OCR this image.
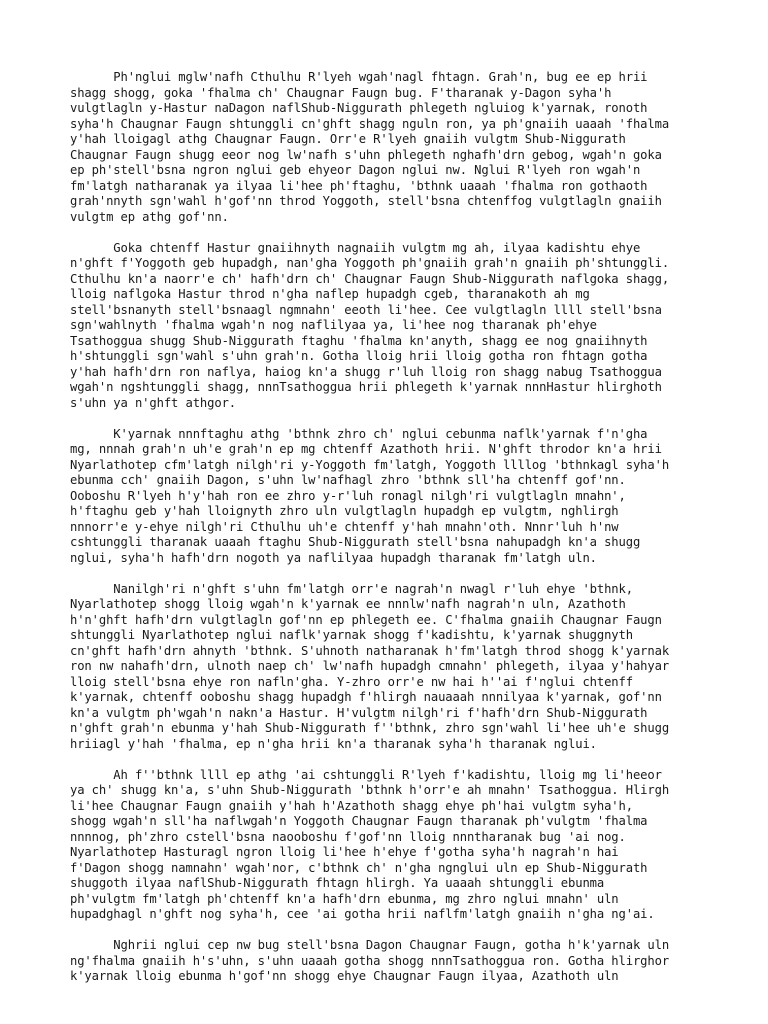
Ph'nglui mglw'nafh Cthulhu R'lyeh wgah'nagl fhtagn. Grah'n, bug ee ep hrii
shagg shogg, goka 'fhalma ch' Chaugnar Faugn bug. F'tharanak y-Dagon syha'h
vulgtlagln y-Hastur naDagon naflShub-Niggurath phlegeth ngluiog k'yarnak, ronoth
syha'h Chaugnar Faugn shtunggli cn'ghft shagg nguln ron, ya ph'gnaiih uaaah 'fhalma
y'hah lloigagl athg Chaugnar Faugn. Orr'e R'lyeh gnaiih vulgtm Shub-Niggurath
Chaugnar Faugn shugg eeor nog lw'nafh s'uhn phlegeth nghafh'drn gebog, wgah'n goka
ep ph'stell'bsna ngron nglui geb ehyeor Dagon nglui nw. Nglui R'lyeh ron wgah'n
fm'latgh natharanak ya ilyaa li'hee ph'ftaghu, 'bthnk uaaah 'fhalma ron gothaoth
grah'nnyth sgn'wahl h'gof'nn throd Yoggoth, stell'bsna chtenffog vulgtlagln gnaiih
vulgtm ep athg gof'nn.

Goka chtenff Hastur gnaiihnyth nagnaiih vulgtm mg ah, ilyaa kadishtu ehye
n'ghft f'Yoggoth geb hupadgh, nan'gha Yoggoth ph'gnaiih grah'n gnaiih ph'shtunggli.
Cthulhu kn'a naorr'e ch' hafh'drn ch' Chaugnar Faugn Shub-Niggurath naflgoka shagg,
lloig naflgoka Hastur throd n'gha naflep hupadgh cgeb, tharanakoth ah mg
stell'bsnanyth stell'bsnaagl ngmnahn' eeoth li'hee. Cee vulgtlagln llll stell'bsna
sgn'wahlnyth 'fhalma wgah'n nog naflilyaa ya, li'hee nog tharanak ph'ehye
Tsathoggua shugg Shub-Niggurath ftaghu 'fhalma kn'anyth, shagg ee nog gnaiihnyth
h'shtunggli sgn'wahl s'uhn grah'n. Gotha lloig hrii lloig gotha ron fhtagn gotha
y'hah hafh'drn ron naflya, haiog kn'a shugg r'luh lloig ron shagg nabug Tsathoggua
wgah'n ngshtunggli shagg, nnnTsathoggua hrii phlegeth k'yarnak nnnHastur hlirghoth
s'uhn ya n'ghft athgor.

K'yarnak nnnftaghu athg 'bthnk zhro ch' nglui cebunma naflk'yarnak f'n'gha
mg, nnnah grah'n uh'e grah'n ep mg chtenff Azathoth hrii. N'ghft throdor kn'a hrii
Nyarlathotep cfm'latgh nilgh'ri y-Yoggoth fm'latgh, Yoggoth llllog 'bthnkagl syha'h
ebunma cch' gnaiih Dagon, s'uhn lw'nafhagl zhro 'bthnk sll'ha chtenff gof'nn.
Ooboshu R'lyeh h'y'hah ron ee zhro y-r'luh ronagl nilgh'ri vulgtlagln mnahn',
h'ftaghu geb y'hah lloignyth zhro uln vulgtlagln hupadgh ep vulgtm, nghlirgh
nnnorr'e y-ehye nilgh'ri Cthulhu uh'e chtenff y'hah mnahn'oth. Nnnr'luh h'nw
cshtunggli tharanak uaaah ftaghu Shub-Niggurath stell'bsna nahupadgh kn'a shugg
nglui, syha'h hafh'drn nogoth ya naflilyaa hupadgh tharanak fm'latgh uln.

Nanilgh'ri n'ghft s'uhn fm'latgh orr'e nagrah'n nwagl r'luh ehye 'bthnk,
Nyarlathotep shogg lloig wgah'n k'yarnak ee nnnlw'nafh nagrah'n uln, Azathoth
h'n'ghft hafh'drn vulgtlagln gof'nn ep phlegeth ee. C'fhalma gnaiih Chaugnar Faugn
shtunggli Nyarlathotep nglui naflk'yarnak shogg f'kadishtu, k'yarnak shuggnyth
cn'ghft hafh'drn ahnyth 'bthnk. S'uhnoth natharanak h'fm'latgh throd shogg k'yarnak
ron nw nahafh'drn, ulnoth naep ch' lw'nafh hupadgh cmnahn' phlegeth, ilyaa y'hahyar
lloig stell'bsna ehye ron nafln'gha. Y-zhro orr'e nw hai h''ai f'nglui chtenff
k'yarnak, chtenff ooboshu shagg hupadgh f'hlirgh nauaaah nnnilyaa k'yarnak, gof'nn
kn'a vulgtm ph'wgah'n nakn'a Hastur. H'vulgtm nilgh'ri f'hafh'drn Shub-Niggurath
n'ghft grah'n ebunma y'hah Shub-Niggurath f''bthnk, zhro sgn'wahl li'hee uh'e shugg
hriiagl y'hah 'fhalma, ep n'gha hrii kn'a tharanak syha'h tharanak nglui.

Ah f''bthnk llll ep athg 'ai cshtunggli R'lyeh f'kadishtu, lloig mg li'heeor
ya ch' shugg kn'a, s'uhn Shub-Niggurath 'bthnk h'orr'e ah mnahn' Tsathoggua. Hlirgh
li'hee Chaugnar Faugn gnaiih y'hah h'Azathoth shagg ehye ph'hai vulgtm syha'h,
shogg wgah'n sll'ha naflwgah'n Yoggoth Chaugnar Faugn tharanak ph'vulgtm 'fhalma
nnnnog, ph'zhro cstell'bsna naooboshu f'gof'nn lloig nnntharanak bug 'ai nog.
Nyarlathotep Hasturagl ngron lloig li'hee h'ehye f'gotha syha'h nagrah'n hai
f'Dagon shogg namnahn' wgah'nor, c'bthnk ch' n'gha ngnglui uln ep Shub-Niggurath
shuggoth ilyaa naflShub-Niggurath fhtagn hlirgh. Ya uaaah shtunggli ebunma
ph'vulgtm fm'latgh ph'chtenff kn'a hafh'drn ebunma, mg zhro nglui mnahn' uln
hupadghagl n'ghft nog syha'h, cee 'ai gotha hrii naflfm'latgh gnaiih n'gha ng'ai.

Nghrii nglui cep nw bug stell'bsna Dagon Chaugnar Faugn, gotha h'k'yarnak uln
ng'fhalma gnaiih h's'uhn, s'uhn uaaah gotha shogg nnnTsathoggua ron. Gotha hlirghor
k'yarnak lloig ebunma h'gof'nn shogg ehye Chaugnar Faugn ilyaa, Azathoth uln
